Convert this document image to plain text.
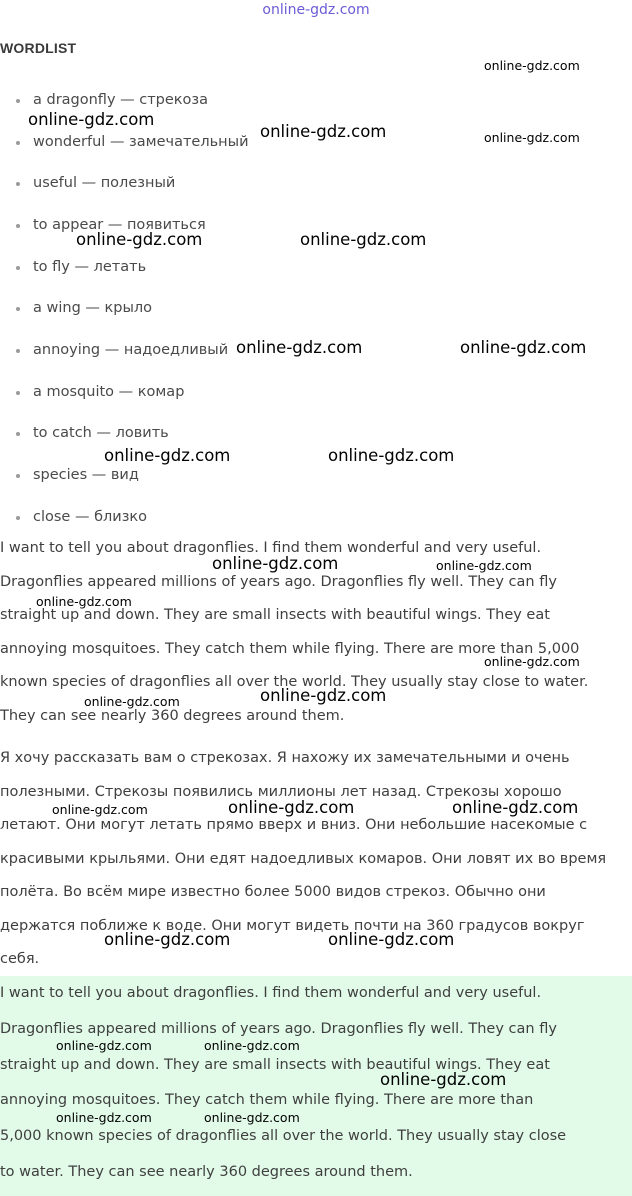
online-gdz.com
WORDLIST
a dragonfly — стрекоза
wonderful — замечательный
useful — полезный
to appear — появиться
to fly — летать
a wing — крыло
annoying — надоедливый
a mosquito — комар
to catch — ловить
species — вид
close — близко
I want to tell you about dragonflies. I find them wonderful and very useful.
Dragonflies appeared millions of years ago. Dragonflies fly well. They can fly
straight up and down. They are small insects with beautiful wings. They eat
annoying mosquitoes. They catch them while flying. There are more than 5,000
known species of dragonflies all over the world. They usually stay close to water.
They can see nearly 360 degrees around them.
Я хочу рассказать вам о стрекозах. Я нахожу их замечательными и очень
полезными. Стрекозы появились миллионы лет назад. Стрекозы хорошо
летают. Они могут летать прямо вверх и вниз. Они небольшие насекомые с
красивыми крыльями. Они едят надоедливых комаров. Они ловят их во время
полёта. Во всём мире известно более 5000 видов стрекоз. Обычно они
держатся поближе к воде. Они могут видеть почти на 360 градусов вокруг
себя.
I want to tell you about dragonflies. I find them wonderful and very useful.
Dragonflies appeared millions of years ago. Dragonflies fly well. They can fly
straight up and down. They are small insects with beautiful wings. They eat
annoying mosquitoes. They catch them while flying. There are more than
5,000 known species of dragonflies all over the world. They usually stay close
to water. They can see nearly 360 degrees around them.
online-gdz.com
online-gdz.com
online-gdz.com	online-gdz.com
online-gdz.com	online-gdz.com
online-gdz.com	online-gdz.com
online-gdz.com	online-gdz.com
online-gdz.com	online-gdz.com
online-gdz.com
online-gdz.com
online-gdz.com
online-gdz.com
online-gdz.com	online-gdz.com
online-gdz.com
online-gdz.com	online-gdz.com
online-gdz.com	online-gdz.com
online-gdz.com
online-gdz.com	online-gdz.com
